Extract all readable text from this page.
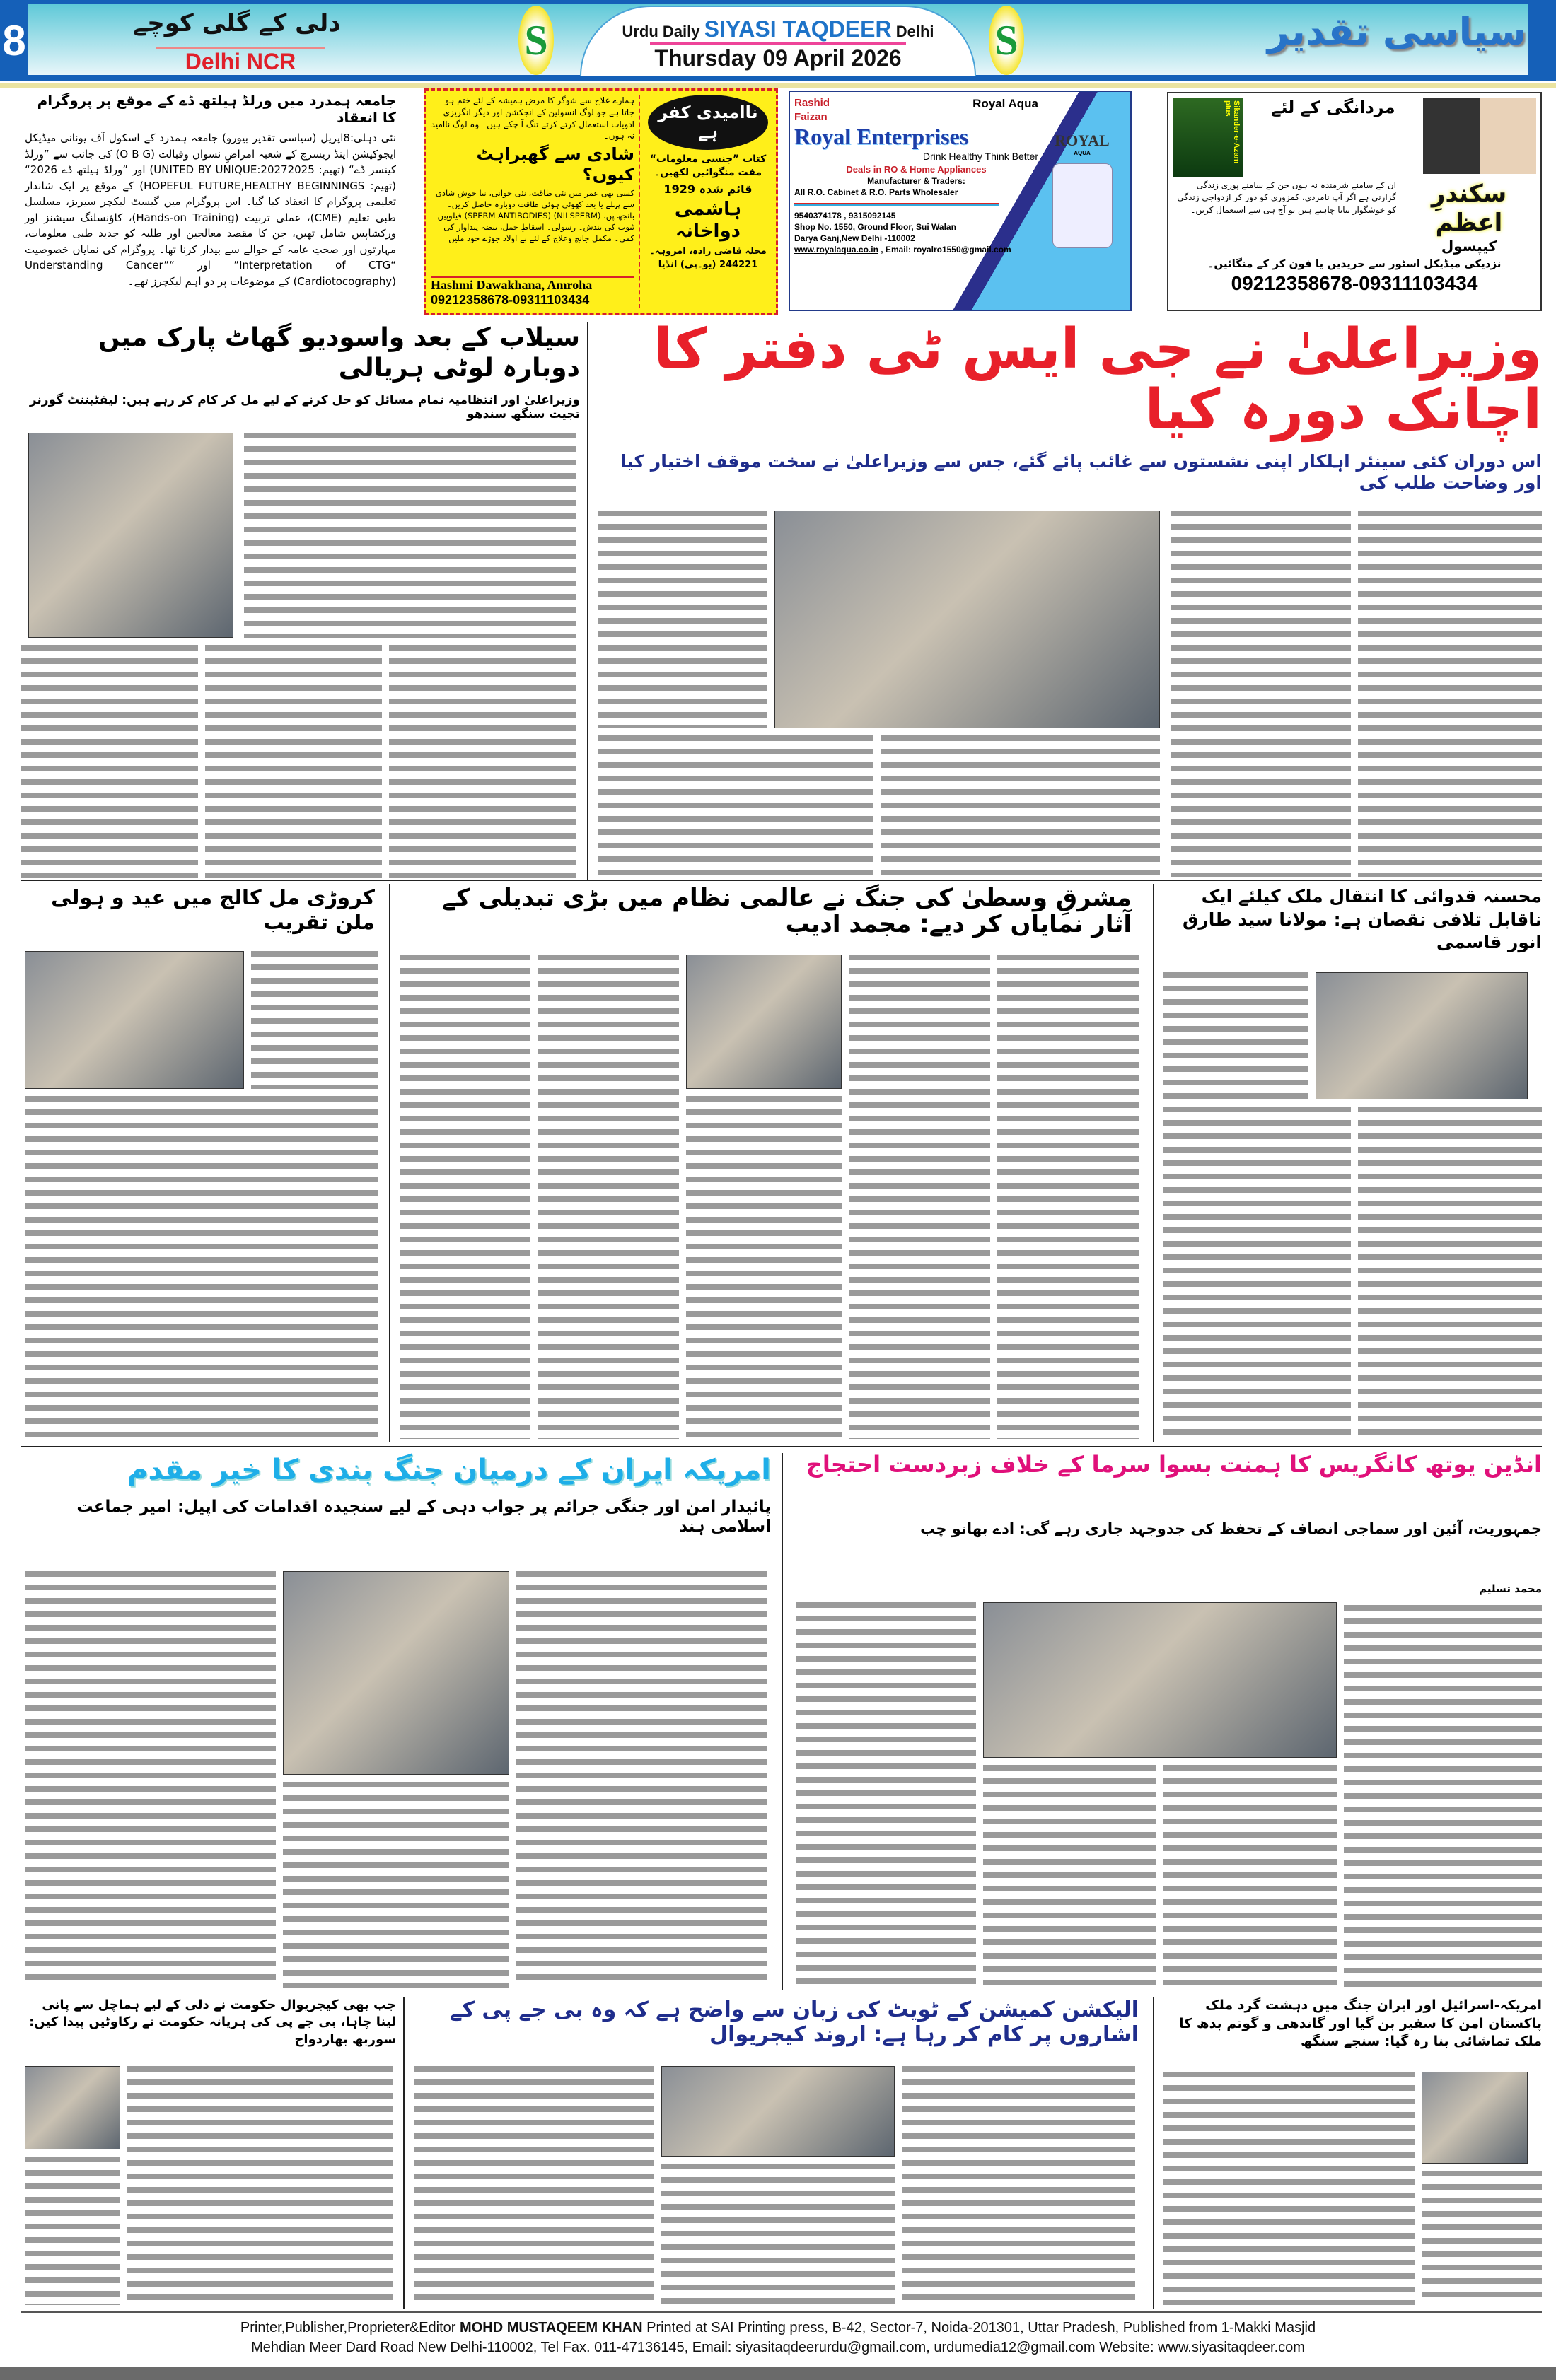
8	دلی کے گلی کوچے
Delhi NCR	S	S
Urdu Daily SIYASI TAQDEER Delhi
Thursday 09 April 2026
سیاسی تقدیر
جامعہ ہمدرد میں ورلڈ ہیلتھ ڈے کے موقع پر پروگرام کا انعقاد
نئی دہلی:8اپریل (سیاسی تقدیر بیورو) جامعہ ہمدرد کے اسکول آف یونانی میڈیکل ایجوکیشن اینڈ ریسرچ کے شعبہ امراضِ نسواں وقبالت (O B G) کی جانب سے ”ورلڈ کینسر ڈے“ (تھیم: UNITED BY UNIQUE:20272025) اور ”ورلڈ ہیلتھ ڈے 2026“ (تھیم: HOPEFUL FUTURE,HEALTHY BEGINNINGS) کے موقع پر ایک شاندار تعلیمی پروگرام کا انعقاد کیا گیا۔ اس پروگرام میں گیسٹ لیکچر سیریز، مسلسل طبی تعلیم (CME)، عملی تربیت (Hands-on Training)، کاؤنسلنگ سیشنز اور ورکشاپس شامل تھیں، جن کا مقصد معالجین اور طلبہ کو جدید طبی معلومات، مہارتوں اور صحتِ عامہ کے حوالے سے بیدار کرنا تھا۔ پروگرام کی نمایاں خصوصیت “Interpretation of CTG” اور “Understanding Cancer” (Cardiotocography) کے موضوعات پر دو اہم لیکچرز تھے۔
ناامیدی کفر ہے
کتاب ”جنسی معلومات“ مفت منگوائیں لکھیں۔
قائم شدہ 1929
ہاشمی دواخانہ
محلہ قاضی زادہ، امروہہ۔ 244221 (یو۔پی) انڈیا
ہمارے علاج سے شوگر کا مرض ہمیشہ کے لئے ختم ہو جاتا ہے جو لوگ انسولین کے انجکشن اور دیگر انگریزی ادویات استعمال کرتے کرتے تنگ آ چکے ہیں۔ وہ لوگ ناامید نہ ہوں۔
شادی سے گھبراہٹ کیوں؟
کسی بھی عمر میں نئی طاقت، نئی جوانی، نیا جوش شادی سے پہلے یا بعد کھوئی ہوئی طاقت دوبارہ حاصل کریں۔ بانجھ پن، (NILSPERM) (SPERM ANTIBODIES) فیلوپین ٹیوب کی بندش۔ رسولی۔ اسقاطِ حمل، بیضہ پیداوار کی کمی۔ مکمل جانچ وعلاج کے لئے بے اولاد جوڑے خود ملیں
Hashmi Dawakhana, Amroha
09212358678-09311103434
Rashid
Faizan
Royal Aqua
Royal Enterprises
Drink Healthy Think Better
Deals in RO & Home Appliances
Manufacturer & Traders:
All R.O. Cabinet & R.O. Parts Wholesaler
9540374178 , 9315092145
Shop No. 1550, Ground Floor, Sui Walan
Darya Ganj,New Delhi -110002
www.royalaqua.co.in , Email: royalro1550@gmail.com
ROYAL
AQUA	Sikander-e-Azam plus	مردانگی کے لئے
سکندرِ اعظم
کیپسول
ان کے سامنے شرمندہ نہ ہوں جن کے سامنے پوری زندگی گزارنی ہے اگر آپ نامردی، کمزوری کو دور کر ازدواجی زندگی کو خوشگوار بنانا چاہتے ہیں تو آج ہی سے استعمال کریں۔
نزدیکی میڈیکل اسٹور سے خریدیں یا فون کر کے منگائیں۔
09212358678-09311103434
وزیراعلیٰ نے جی ایس ٹی دفتر کا اچانک دورہ کیا
اس دوران کئی سینئر اہلکار اپنی نشستوں سے غائب پائے گئے، جس سے وزیراعلیٰ نے سخت موقف اختیار کیا اور وضاحت طلب کی
سیلاب کے بعد واسودیو گھاٹ پارک میں دوبارہ لوٹی ہریالی
وزیراعلیٰ اور انتظامیہ تمام مسائل کو حل کرنے کے لیے مل کر کام کر رہے ہیں: لیفٹیننٹ گورنر تجیت سنگھ سندھو
محسنہ قدوائی کا انتقال ملک کیلئے ایک ناقابل تلافی نقصان ہے: مولانا سید طارق انور قاسمی
مشرقِ وسطیٰ کی جنگ نے عالمی نظام میں بڑی تبدیلی کے آثار نمایاں کر دیے: مجمد ادیب
کروڑی مل کالج میں عید و ہولی ملن تقریب
امریکہ ایران کے درمیان جنگ بندی کا خیر مقدم
پائیدار امن اور جنگی جرائم پر جواب دہی کے لیے سنجیدہ اقدامات کی اپیل: امیر جماعت اسلامی ہند
انڈین یوتھ کانگریس کا ہمنت بسوا سرما کے خلاف زبردست احتجاج
جمہوریت، آئین اور سماجی انصاف کے تحفظ کی جدوجہد جاری رہے گی: ادے بھانو چب
محمد تسلیم
امریکہ-اسرائیل اور ایران جنگ میں دہشت گرد ملک پاکستان امن کا سفیر بن گیا اور گاندھی و گوتم بدھ کا ملک تماشائی بنا رہ گیا: سنجے سنگھ
الیکشن کمیشن کے ٹویٹ کی زبان سے واضح ہے کہ وہ بی جے پی کے اشاروں پر کام کر رہا ہے: اروند کیجریوال
جب بھی کیجریوال حکومت نے دلی کے لیے ہماچل سے پانی لینا چاہا، بی جے پی کی ہریانہ حکومت نے رکاوٹیں پیدا کیں: سوربھ بھاردواج
Printer,Publisher,Proprieter&Editor MOHD MUSTAQEEM KHAN Printed at SAI Printing press, B-42, Sector-7, Noida-201301, Uttar Pradesh, Published from 1-Makki Masjid
Mehdian Meer Dard Road New Delhi-110002, Tel Fax. 011-47136145, Email: siyasitaqdeerurdu@gmail.com, urdumedia12@gmail.com Website: www.siyasitaqdeer.com
